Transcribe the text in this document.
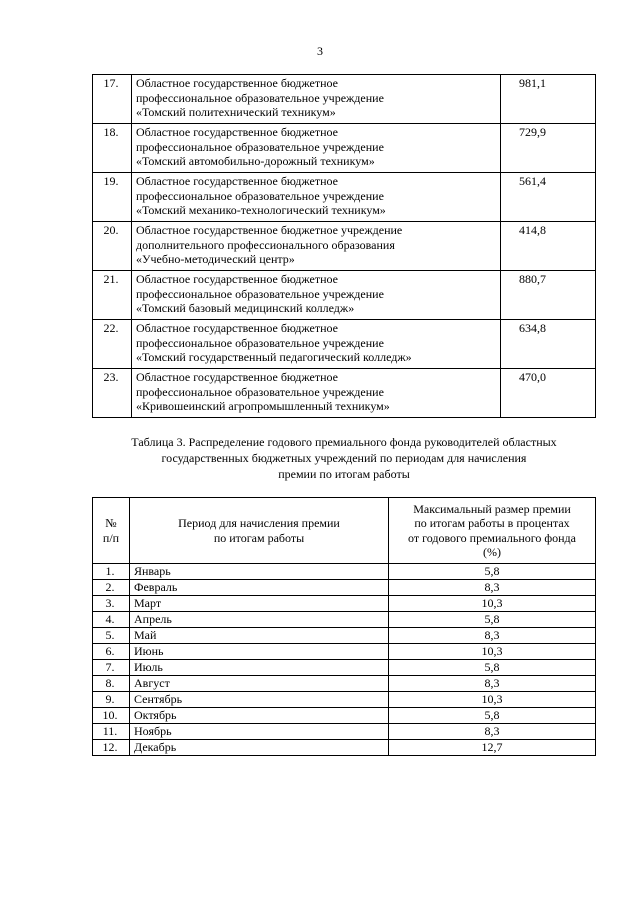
3
17.	Областное государственное бюджетное
профессиональное образовательное учреждение
«Томский политехнический техникум»	981,1
18.	Областное государственное бюджетное
профессиональное образовательное учреждение
«Томский автомобильно-дорожный техникум»	729,9
19.	Областное государственное бюджетное
профессиональное образовательное учреждение
«Томский механико-технологический техникум»	561,4
20.	Областное государственное бюджетное учреждение
дополнительного профессионального образования
«Учебно-методический центр»	414,8
21.	Областное государственное бюджетное
профессиональное образовательное учреждение
«Томский базовый медицинский колледж»	880,7
22.	Областное государственное бюджетное
профессиональное образовательное учреждение
«Томский государственный педагогический колледж»	634,8
23.	Областное государственное бюджетное
профессиональное образовательное учреждение
«Кривошеинский агропромышленный техникум»	470,0
Таблица 3. Распределение годового премиального фонда руководителей областных
государственных бюджетных учреждений по периодам для начисления
премии по итогам работы
№
п/п	Период для начисления премии
по итогам работы	Максимальный размер премии
по итогам работы в процентах
от годового премиального фонда
(%)

1.	Январь	5,8
2.	Февраль	8,3
3.	Март	10,3
4.	Апрель	5,8
5.	Май	8,3
6.	Июнь	10,3
7.	Июль	5,8
8.	Август	8,3
9.	Сентябрь	10,3
10.	Октябрь	5,8
11.	Ноябрь	8,3
12.	Декабрь	12,7
